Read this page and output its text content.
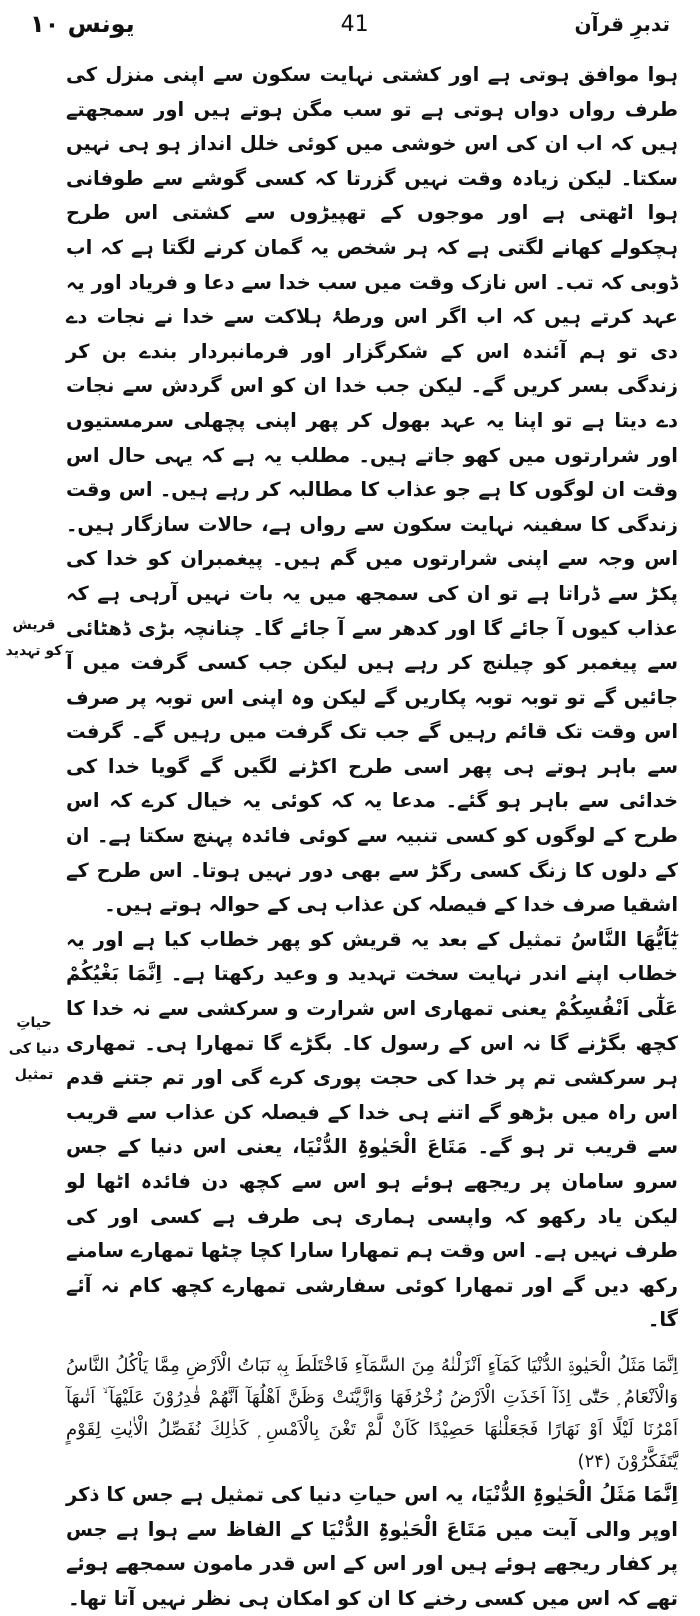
تدبرِ قرآن
41
یونس ۱۰

ہوا موافق ہوتی ہے اور کشتی نہایت سکون سے اپنی منزل کی طرف رواں دواں ہوتی ہے تو سب مگن ہوتے ہیں اور سمجھتے ہیں کہ اب ان کی اس خوشی میں کوئی خلل انداز ہو ہی نہیں سکتا۔ لیکن زیادہ وقت نہیں گزرتا کہ کسی گوشے سے طوفانی ہوا اٹھتی ہے اور موجوں کے تھپیڑوں سے کشتی اس طرح ہچکولے کھانے لگتی ہے کہ ہر شخص یہ گمان کرنے لگتا ہے کہ اب ڈوبی کہ تب۔ اس نازک وقت میں سب خدا سے دعا و فریاد اور یہ عہد کرتے ہیں کہ اب اگر اس ورطۂ ہلاکت سے خدا نے نجات دے دی تو ہم آئندہ اس کے شکرگزار اور فرمانبردار بندے بن کر زندگی بسر کریں گے۔ لیکن جب خدا ان کو اس گردش سے نجات دے دیتا ہے تو اپنا یہ عہد بھول کر پھر اپنی پچھلی سرمستیوں اور شرارتوں میں کھو جاتے ہیں۔ مطلب یہ ہے کہ یہی حال اس وقت ان لوگوں کا ہے جو عذاب کا مطالبہ کر رہے ہیں۔ اس وقت زندگی کا سفینہ نہایت سکون سے رواں ہے، حالات سازگار ہیں۔ اس وجہ سے اپنی شرارتوں میں گم ہیں۔ پیغمبران کو خدا کی پکڑ سے ڈراتا ہے تو ان کی سمجھ میں یہ بات نہیں آرہی ہے کہ عذاب کیوں آ جائے گا اور کدھر سے آ جائے گا۔ چنانچہ بڑی ڈھٹائی سے پیغمبر کو چیلنج کر رہے ہیں لیکن جب کسی گرفت میں آ جائیں گے تو توبہ توبہ پکاریں گے لیکن وہ اپنی اس توبہ پر صرف اس وقت تک قائم رہیں گے جب تک گرفت میں رہیں گے۔ گرفت سے باہر ہوتے ہی پھر اسی طرح اکڑنے لگیں گے گویا خدا کی خدائی سے باہر ہو گئے۔ مدعا یہ کہ کوئی یہ خیال کرے کہ اس طرح کے لوگوں کو کسی تنبیہ سے کوئی فائدہ پہنچ سکتا ہے۔ ان کے دلوں کا زنگ کسی رگڑ سے بھی دور نہیں ہوتا۔ اس طرح کے اشقیا صرف خدا کے فیصلہ کن عذاب ہی کے حوالہ ہوتے ہیں۔

یٰٓاَیُّھَا النَّاسُ تمثیل کے بعد یہ قریش کو پھر خطاب کیا ہے اور یہ خطاب اپنے اندر نہایت سخت تہدید و وعید رکھتا ہے۔ اِنَّمَا بَغْیُکُمْ عَلٰٓی اَنْفُسِکُمْ یعنی تمھاری اس شرارت و سرکشی سے نہ خدا کا کچھ بگڑنے گا نہ اس کے رسول کا۔ بگڑے گا تمھارا ہی۔ تمھاری ہر سرکشی تم پر خدا کی حجت پوری کرے گی اور تم جتنے قدم اس راہ میں بڑھو گے اتنے ہی خدا کے فیصلہ کن عذاب سے قریب سے قریب تر ہو گے۔ مَتَاعَ الْحَیٰوۃِ الدُّنْیَا، یعنی اس دنیا کے جس سرو سامان پر ریجھے ہوئے ہو اس سے کچھ دن فائدہ اٹھا لو لیکن یاد رکھو کہ واپسی ہماری ہی طرف ہے کسی اور کی طرف نہیں ہے۔ اس وقت ہم تمھارا سارا کچا چٹھا تمھارے سامنے رکھ دیں گے اور تمھارا کوئی سفارشی تمھارے کچھ کام نہ آئے گا۔

اِنَّمَا مَثَلُ الْحَیٰوۃِ الدُّنْیَا کَمَآءٍ اَنْزَلْنٰهُ مِنَ السَّمَآءِ فَاخْتَلَطَ بِهٖ نَبَاتُ الْاَرْضِ مِمَّا یَاْکُلُ النَّاسُ وَالْاَنْعَامُ ۭ حَتّٰٓی اِذَآ اَخَذَتِ الْاَرْضُ زُخْرُفَهَا وَازَّیَّنَتْ وَظَنَّ اَهْلُهَآ اَنَّهُمْ قٰدِرُوْنَ عَلَیْهَآ ۙ اَتٰىهَآ اَمْرُنَا لَیْلًا اَوْ نَهَارًا فَجَعَلْنٰهَا حَصِیْدًا کَاَنْ لَّمْ تَغْنَ بِالْاَمْسِ ۭ کَذٰلِكَ نُفَصِّلُ الْاٰیٰتِ لِقَوْمٍ یَّتَفَکَّرُوْنَ (۲۴)

اِنَّمَا مَثَلُ الْحَیٰوۃِ الدُّنْیَا، یہ اس حیاتِ دنیا کی تمثیل ہے جس کا ذکر اوپر والی آیت میں مَتَاعَ الْحَیٰوۃِ الدُّنْیَا کے الفاظ سے ہوا ہے جس پر کفار ریجھے ہوئے ہیں اور اس کے اس قدر مامون سمجھے ہوئے تھے کہ اس میں کسی رخنے کا ان کو امکان ہی نظر نہیں آتا تھا۔

قریش کو تہدید
حیاتِ دنیا کی تمثیل
